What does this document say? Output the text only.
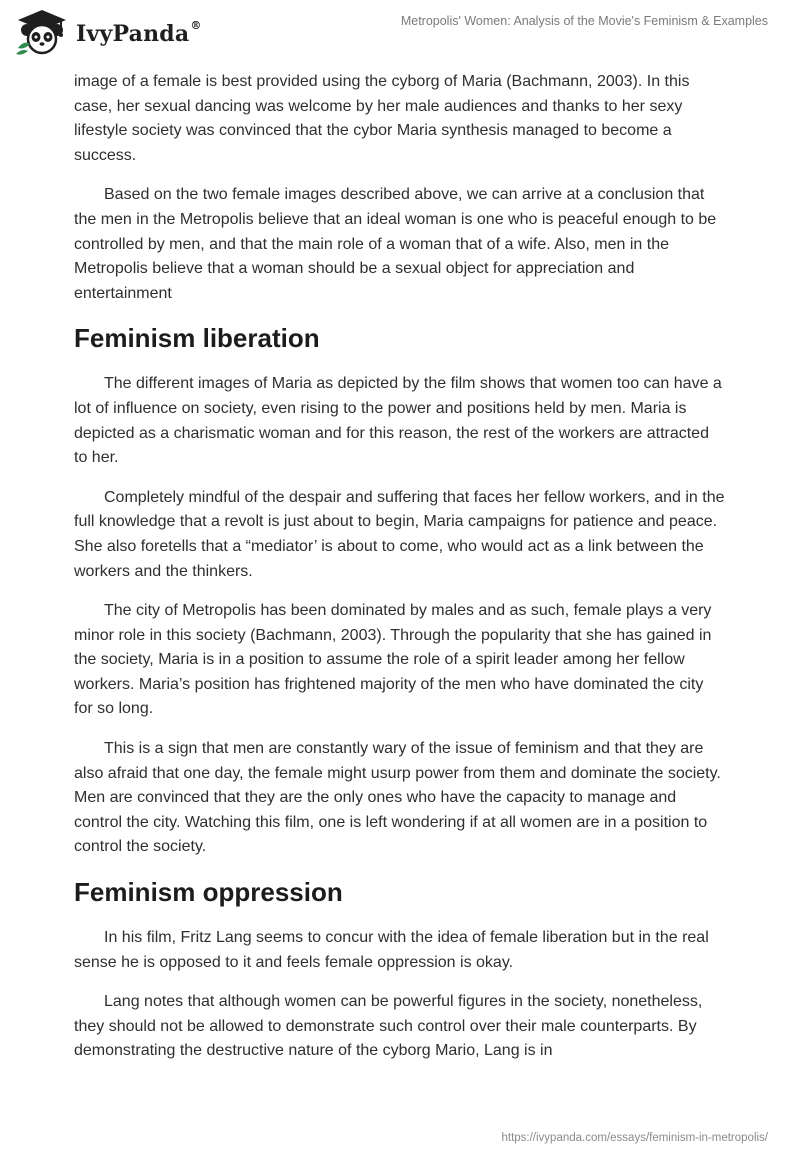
IvyPanda®	Metropolis' Women: Analysis of the Movie's Feminism & Examples

image of a female is best provided using the cyborg of Maria (Bachmann, 2003). In this case, her sexual dancing was welcome by her male audiences and thanks to her sexy lifestyle society was convinced that the cybor Maria synthesis managed to become a success.

Based on the two female images described above, we can arrive at a conclusion that the men in the Metropolis believe that an ideal woman is one who is peaceful enough to be controlled by men, and that the main role of a woman that of a wife. Also, men in the Metropolis believe that a woman should be a sexual object for appreciation and entertainment

Feminism liberation

The different images of Maria as depicted by the film shows that women too can have a lot of influence on society, even rising to the power and positions held by men. Maria is depicted as a charismatic woman and for this reason, the rest of the workers are attracted to her.

Completely mindful of the despair and suffering that faces her fellow workers, and in the full knowledge that a revolt is just about to begin, Maria campaigns for patience and peace. She also foretells that a “mediator’ is about to come, who would act as a link between the workers and the thinkers.

The city of Metropolis has been dominated by males and as such, female plays a very minor role in this society (Bachmann, 2003). Through the popularity that she has gained in the society, Maria is in a position to assume the role of a spirit leader among her fellow workers. Maria’s position has frightened majority of the men who have dominated the city for so long.

This is a sign that men are constantly wary of the issue of feminism and that they are also afraid that one day, the female might usurp power from them and dominate the society. Men are convinced that they are the only ones who have the capacity to manage and control the city. Watching this film, one is left wondering if at all women are in a position to control the society.

Feminism oppression

In his film, Fritz Lang seems to concur with the idea of female liberation but in the real sense he is opposed to it and feels female oppression is okay.

Lang notes that although women can be powerful figures in the society, nonetheless, they should not be allowed to demonstrate such control over their male counterparts. By demonstrating the destructive nature of the cyborg Mario, Lang is in

https://ivypanda.com/essays/feminism-in-metropolis/
